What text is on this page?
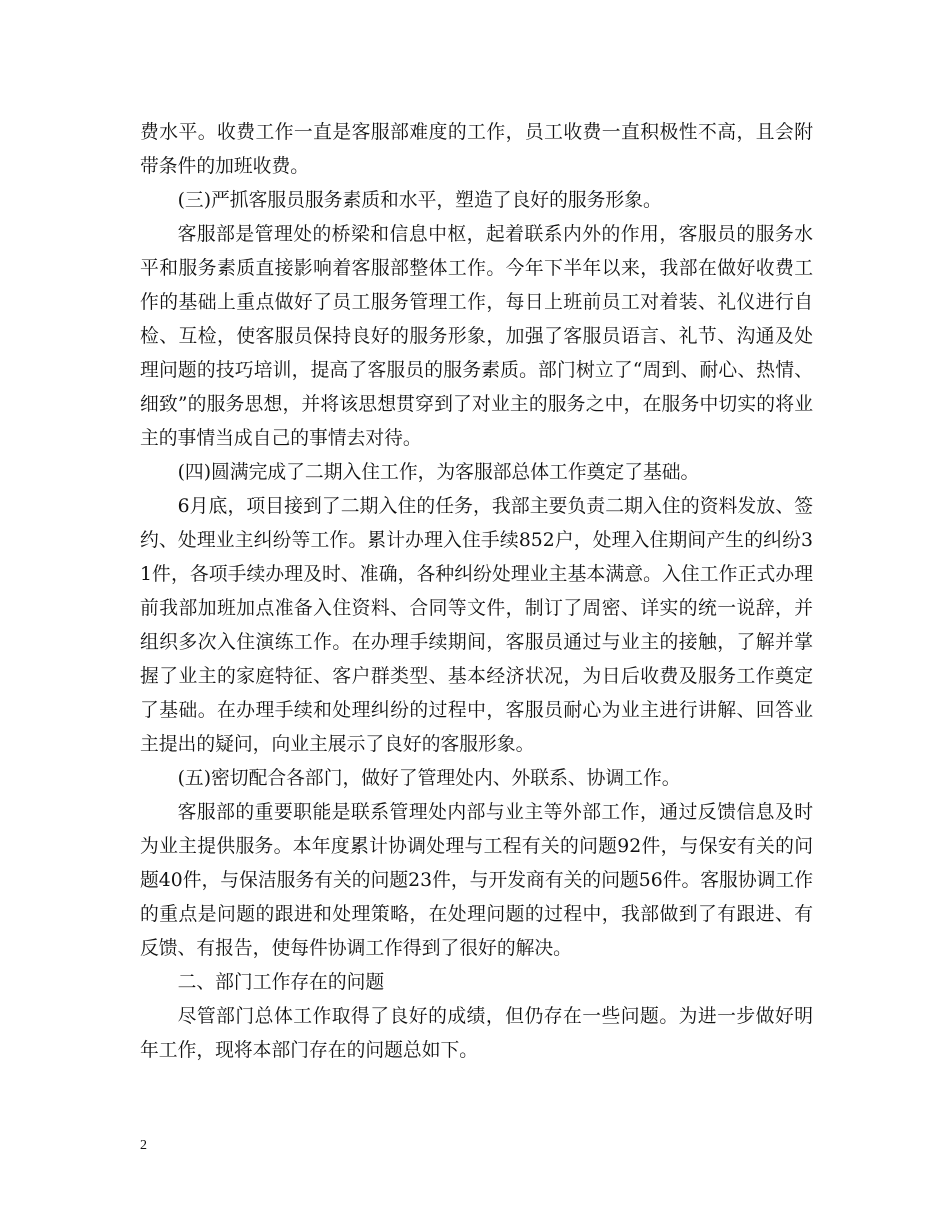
费水平。收费工作一直是客服部难度的工作，员工收费一直积极性不高，且会附带条件的加班收费。

(三)严抓客服员服务素质和水平，塑造了良好的服务形象。

客服部是管理处的桥梁和信息中枢，起着联系内外的作用，客服员的服务水平和服务素质直接影响着客服部整体工作。今年下半年以来，我部在做好收费工作的基础上重点做好了员工服务管理工作，每日上班前员工对着装、礼仪进行自检、互检，使客服员保持良好的服务形象，加强了客服员语言、礼节、沟通及处理问题的技巧培训，提高了客服员的服务素质。部门树立了“周到、耐心、热情、细致”的服务思想，并将该思想贯穿到了对业主的服务之中，在服务中切实的将业主的事情当成自己的事情去对待。

(四)圆满完成了二期入住工作，为客服部总体工作奠定了基础。

6月底，项目接到了二期入住的任务，我部主要负责二期入住的资料发放、签约、处理业主纠纷等工作。累计办理入住手续852户，处理入住期间产生的纠纷31件，各项手续办理及时、准确，各种纠纷处理业主基本满意。入住工作正式办理前我部加班加点准备入住资料、合同等文件，制订了周密、详实的统一说辞，并组织多次入住演练工作。在办理手续期间，客服员通过与业主的接触，了解并掌握了业主的家庭特征、客户群类型、基本经济状况，为日后收费及服务工作奠定了基础。在办理手续和处理纠纷的过程中，客服员耐心为业主进行讲解、回答业主提出的疑问，向业主展示了良好的客服形象。

(五)密切配合各部门，做好了管理处内、外联系、协调工作。

客服部的重要职能是联系管理处内部与业主等外部工作，通过反馈信息及时为业主提供服务。本年度累计协调处理与工程有关的问题92件，与保安有关的问题40件，与保洁服务有关的问题23件，与开发商有关的问题56件。客服协调工作的重点是问题的跟进和处理策略，在处理问题的过程中，我部做到了有跟进、有反馈、有报告，使每件协调工作得到了很好的解决。

二、部门工作存在的问题

尽管部门总体工作取得了良好的成绩，但仍存在一些问题。为进一步做好明年工作，现将本部门存在的问题总如下。

2
